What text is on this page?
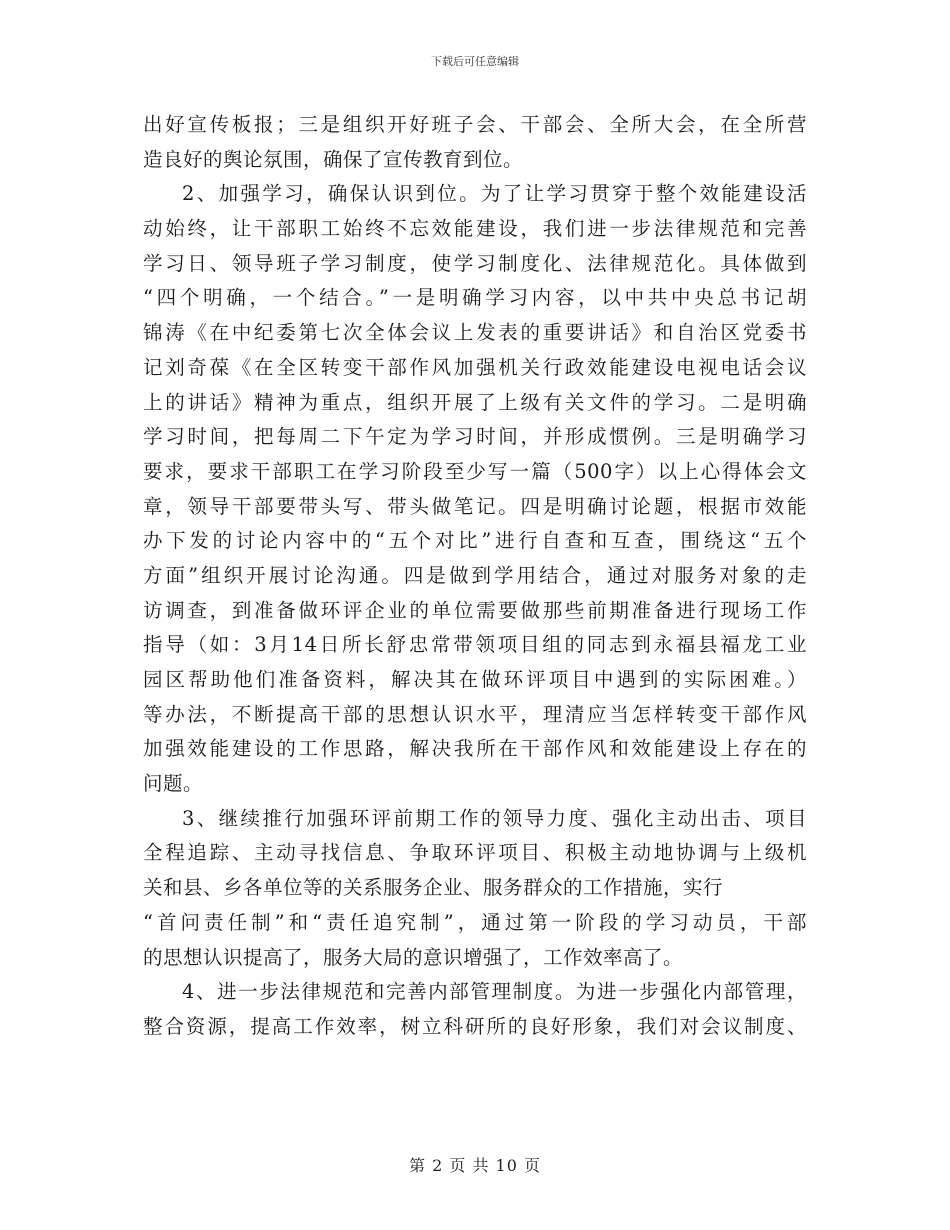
下载后可任意编辑
出好宣传板报；三是组织开好班子会、干部会、全所大会，在全所营
造良好的舆论氛围，确保了宣传教育到位。
2、加强学习，确保认识到位。为了让学习贯穿于整个效能建设活
动始终，让干部职工始终不忘效能建设，我们进一步法律规范和完善
学习日、领导班子学习制度，使学习制度化、法律规范化。具体做到
“四个明确，一个结合。”一是明确学习内容，以中共中央总书记胡
锦涛《在中纪委第七次全体会议上发表的重要讲话》和自治区党委书
记刘奇葆《在全区转变干部作风加强机关行政效能建设电视电话会议
上的讲话》精神为重点，组织开展了上级有关文件的学习。二是明确
学习时间，把每周二下午定为学习时间，并形成惯例。三是明确学习
要求，要求干部职工在学习阶段至少写一篇（500字）以上心得体会文
章，领导干部要带头写、带头做笔记。四是明确讨论题，根据市效能
办下发的讨论内容中的“五个对比”进行自查和互查，围绕这“五个
方面”组织开展讨论沟通。四是做到学用结合，通过对服务对象的走
访调查，到准备做环评企业的单位需要做那些前期准备进行现场工作
指导（如：3月14日所长舒忠常带领项目组的同志到永福县福龙工业
园区帮助他们准备资料，解决其在做环评项目中遇到的实际困难。）
等办法，不断提高干部的思想认识水平，理清应当怎样转变干部作风
加强效能建设的工作思路，解决我所在干部作风和效能建设上存在的
问题。
3、继续推行加强环评前期工作的领导力度、强化主动出击、项目
全程追踪、主动寻找信息、争取环评项目、积极主动地协调与上级机
关和县、乡各单位等的关系服务企业、服务群众的工作措施，实行
“首问责任制”和“责任追究制”，通过第一阶段的学习动员，干部
的思想认识提高了，服务大局的意识增强了，工作效率高了。
4、进一步法律规范和完善内部管理制度。为进一步强化内部管理，
整合资源，提高工作效率，树立科研所的良好形象，我们对会议制度、
第 2 页 共 10 页
